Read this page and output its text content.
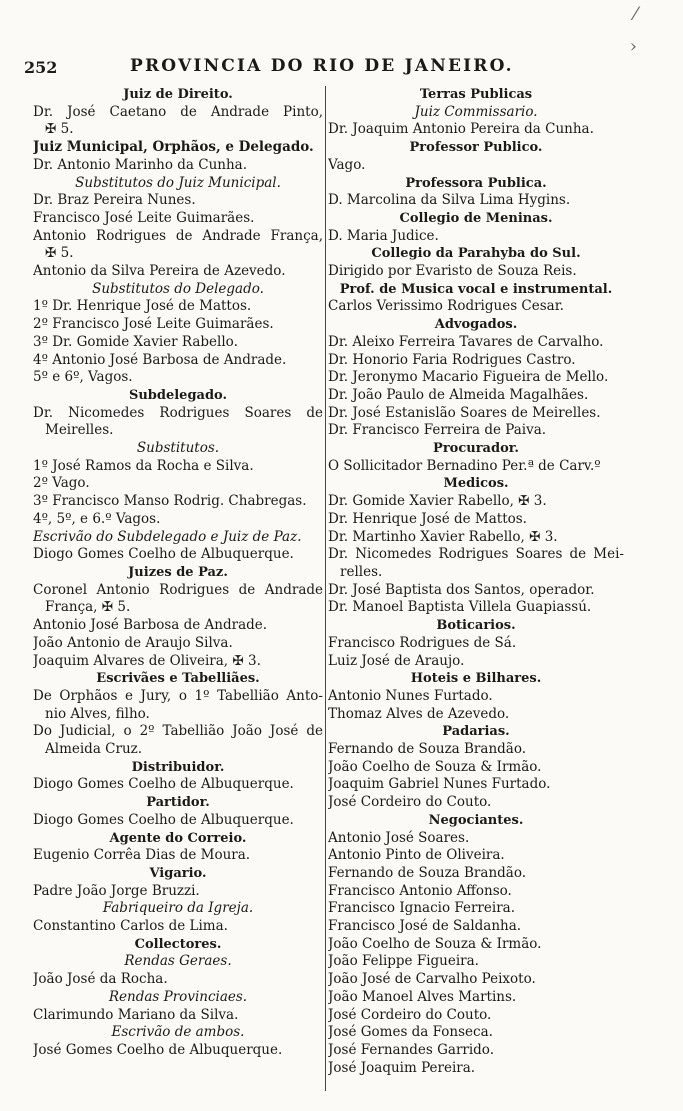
252	PROVINCIA DO RIO DE JANEIRO.
⁄
›
Juiz de Direito.
Dr. José Caetano de Andrade Pinto,
✠ 5.
Juiz Municipal, Orphãos, e Delegado.
Dr. Antonio Marinho da Cunha.
Substitutos do Juiz Municipal.
Dr. Braz Pereira Nunes.
Francisco José Leite Guimarães.
Antonio Rodrigues de Andrade França,
✠ 5.
Antonio da Silva Pereira de Azevedo.
Substitutos do Delegado.
1º Dr. Henrique José de Mattos.
2º Francisco José Leite Guimarães.
3º Dr. Gomide Xavier Rabello.
4º Antonio José Barbosa de Andrade.
5º e 6º, Vagos.
Subdelegado.
Dr. Nicomedes Rodrigues Soares de
Meirelles.
Substitutos.
1º José Ramos da Rocha e Silva.
2º Vago.
3º Francisco Manso Rodrig. Chabregas.
4º, 5º, e 6.º Vagos.
Escrivão do Subdelegado e Juiz de Paz.
Diogo Gomes Coelho de Albuquerque.
Juizes de Paz.
Coronel Antonio Rodrigues de Andrade
França, ✠ 5.
Antonio José Barbosa de Andrade.
João Antonio de Araujo Silva.
Joaquim Alvares de Oliveira, ✠ 3.
Escrivães e Tabelliães.
De Orphãos e Jury, o 1º Tabellião Anto-
nio Alves, filho.
Do Judicial, o 2º Tabellião João José de
Almeida Cruz.
Distribuidor.
Diogo Gomes Coelho de Albuquerque.
Partidor.
Diogo Gomes Coelho de Albuquerque.
Agente do Correio.
Eugenio Corrêa Dias de Moura.
Vigario.
Padre João Jorge Bruzzi.
Fabriqueiro da Igreja.
Constantino Carlos de Lima.
Collectores.
Rendas Geraes.
João José da Rocha.
Rendas Provinciaes.
Clarimundo Mariano da Silva.
Escrivão de ambos.
José Gomes Coelho de Albuquerque.
Terras Publicas
Juiz Commissario.
Dr. Joaquim Antonio Pereira da Cunha.
Professor Publico.
Vago.
Professora Publica.
D. Marcolina da Silva Lima Hygins.
Collegio de Meninas.
D. Maria Judice.
Collegio da Parahyba do Sul.
Dirigido por Evaristo de Souza Reis.
Prof. de Musica vocal e instrumental.
Carlos Verissimo Rodrigues Cesar.
Advogados.
Dr. Aleixo Ferreira Tavares de Carvalho.
Dr. Honorio Faria Rodrigues Castro.
Dr. Jeronymo Macario Figueira de Mello.
Dr. João Paulo de Almeida Magalhães.
Dr. José Estanislão Soares de Meirelles.
Dr. Francisco Ferreira de Paiva.
Procurador.
O Sollicitador Bernadino Per.ª de Carv.º
Medicos.
Dr. Gomide Xavier Rabello, ✠ 3.
Dr. Henrique José de Mattos.
Dr. Martinho Xavier Rabello, ✠ 3.
Dr. Nicomedes Rodrigues Soares de Mei-
relles.
Dr. José Baptista dos Santos, operador.
Dr. Manoel Baptista Villela Guapiassú.
Boticarios.
Francisco Rodrigues de Sá.
Luiz José de Araujo.
Hoteis e Bilhares.
Antonio Nunes Furtado.
Thomaz Alves de Azevedo.
Padarias.
Fernando de Souza Brandão.
João Coelho de Souza & Irmão.
Joaquim Gabriel Nunes Furtado.
José Cordeiro do Couto.
Negociantes.
Antonio José Soares.
Antonio Pinto de Oliveira.
Fernando de Souza Brandão.
Francisco Antonio Affonso.
Francisco Ignacio Ferreira.
Francisco José de Saldanha.
João Coelho de Souza & Irmão.
João Felippe Figueira.
João José de Carvalho Peixoto.
João Manoel Alves Martins.
José Cordeiro do Couto.
José Gomes da Fonseca.
José Fernandes Garrido.
José Joaquim Pereira.
